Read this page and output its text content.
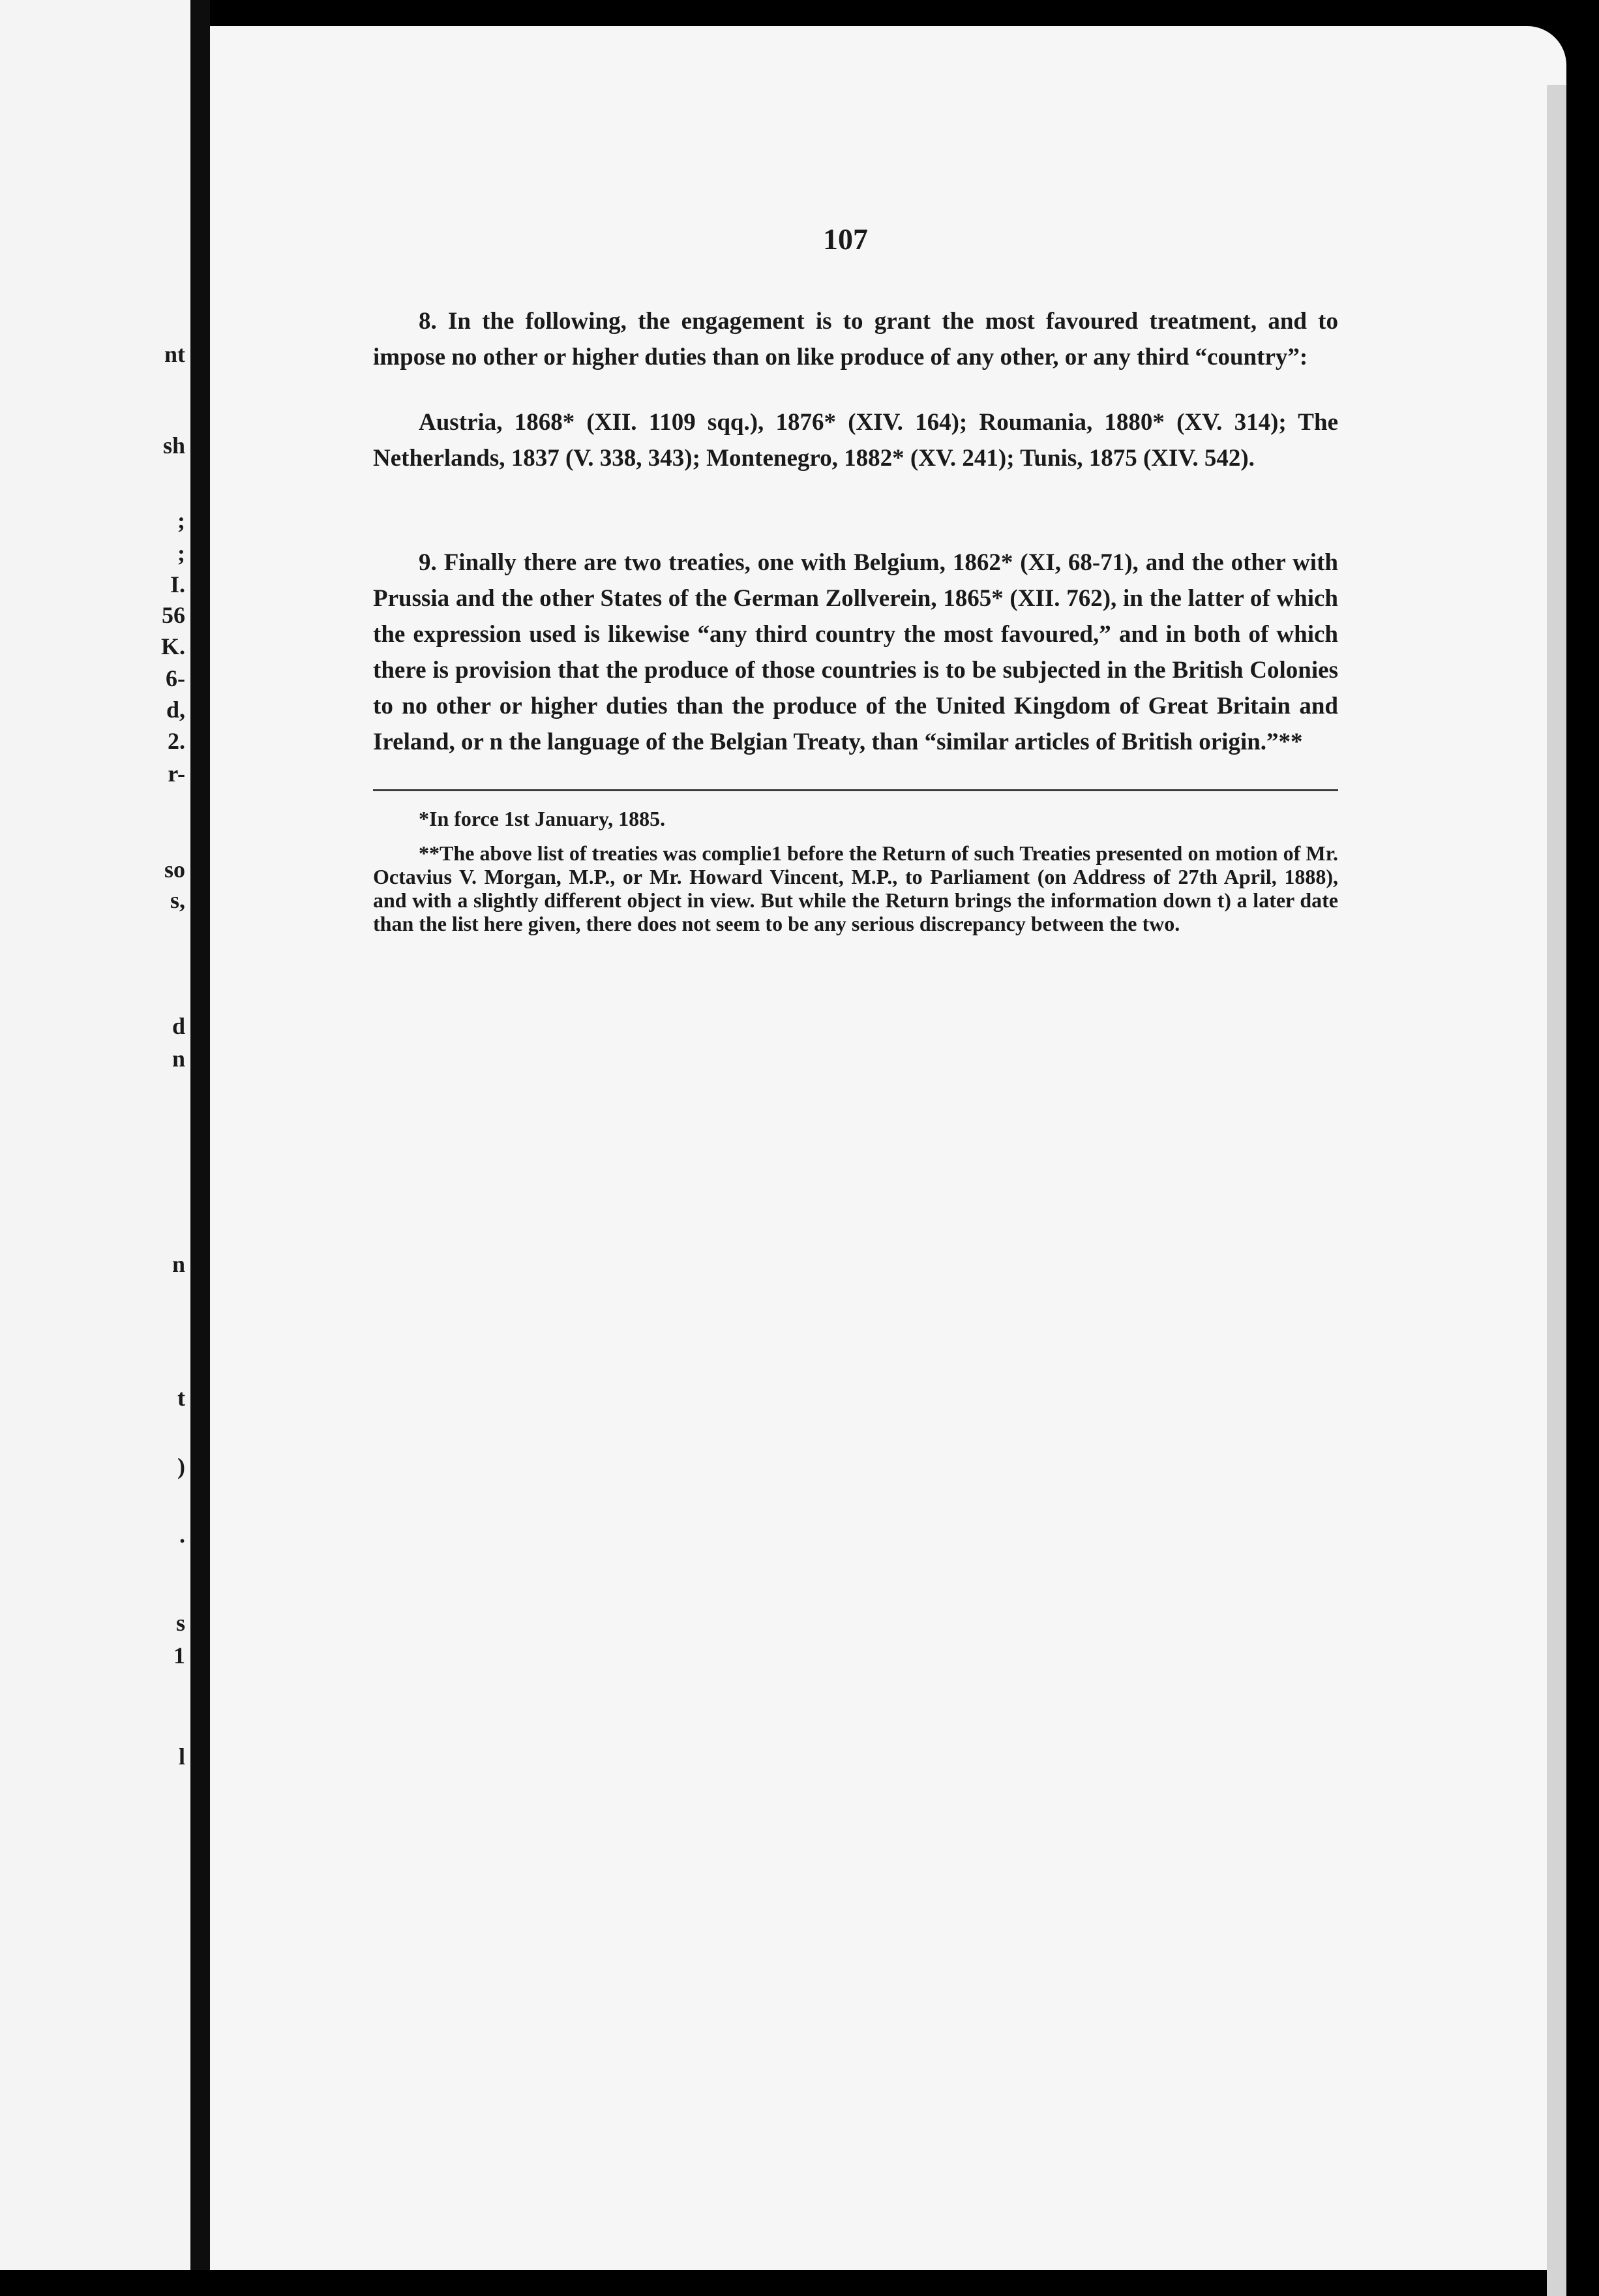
nt
sh
;
;
I.
56
K.
6-
d,
2.
r-
so
s,
d
n
n
t
)
.
s
1
l
107

8. In the following, the engagement is to grant the most favoured treatment, and to impose no other or higher duties than on like produce of any other, or any third “country”:

Austria, 1868* (XII. 1109 sqq.), 1876* (XIV. 164); Roumania, 1880* (XV. 314); The Netherlands, 1837 (V. 338, 343); Montenegro, 1882* (XV. 241); Tunis, 1875 (XIV. 542).

9. Finally there are two treaties, one with Belgium, 1862* (XI, 68-71), and the other with Prussia and the other States of the German Zollverein, 1865* (XII. 762), in the latter of which the expression used is likewise “any third country the most favoured,” and in both of which there is provision that the produce of those countries is to be subjected in the British Colonies to no other or higher duties than the produce of the United Kingdom of Great Britain and Ireland, or n the language of the Belgian Treaty, than “similar articles of British origin.”**

*In force 1st January, 1885.

**The above list of treaties was complie1 before the Return of such Treaties presented on motion of Mr. Octavius V. Morgan, M.P., or Mr. Howard Vincent, M.P., to Parliament (on Address of 27th April, 1888), and with a slightly different object in view. But while the Return brings the information down t) a later date than the list here given, there does not seem to be any serious discrepancy between the two.
